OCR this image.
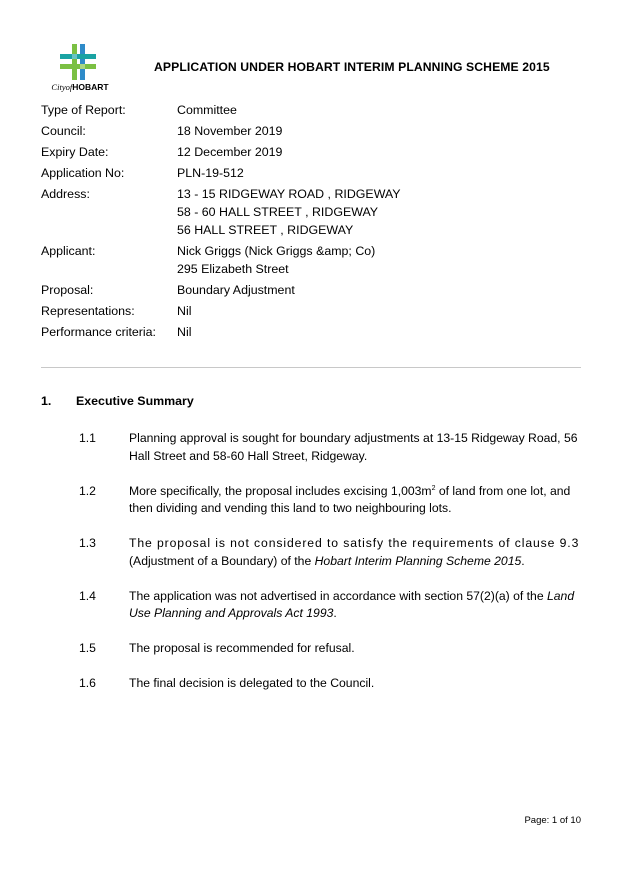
CityofHOBART
APPLICATION UNDER HOBART INTERIM PLANNING SCHEME 2015
Type of Report:	Committee
Council:	18 November 2019
Expiry Date:	12 December 2019
Application No:	PLN-19-512
Address:	13 - 15 RIDGEWAY ROAD , RIDGEWAY
58 - 60 HALL STREET , RIDGEWAY
56 HALL STREET , RIDGEWAY
Applicant:	Nick Griggs (Nick Griggs &amp; Co)
295 Elizabeth Street
Proposal:	Boundary Adjustment
Representations:	Nil
Performance criteria:	Nil
1. Executive Summary
1.1	Planning approval is sought for boundary adjustments at 13-15 Ridgeway Road, 56 Hall Street and 58-60 Hall Street, Ridgeway.
1.2	More specifically, the proposal includes excising $1,003m^2$ of land from one lot, and then dividing and vending this land to two neighbouring lots.
1.3	The proposal is not considered to satisfy the requirements of clause 9.3
(Adjustment of a Boundary) of the Hobart Interim Planning Scheme 2015.
1.4	The application was not advertised in accordance with section 57(2)(a) of the Land Use Planning and Approvals Act 1993.
1.5	The proposal is recommended for refusal.
1.6	The final decision is delegated to the Council.
Page: 1 of 10
